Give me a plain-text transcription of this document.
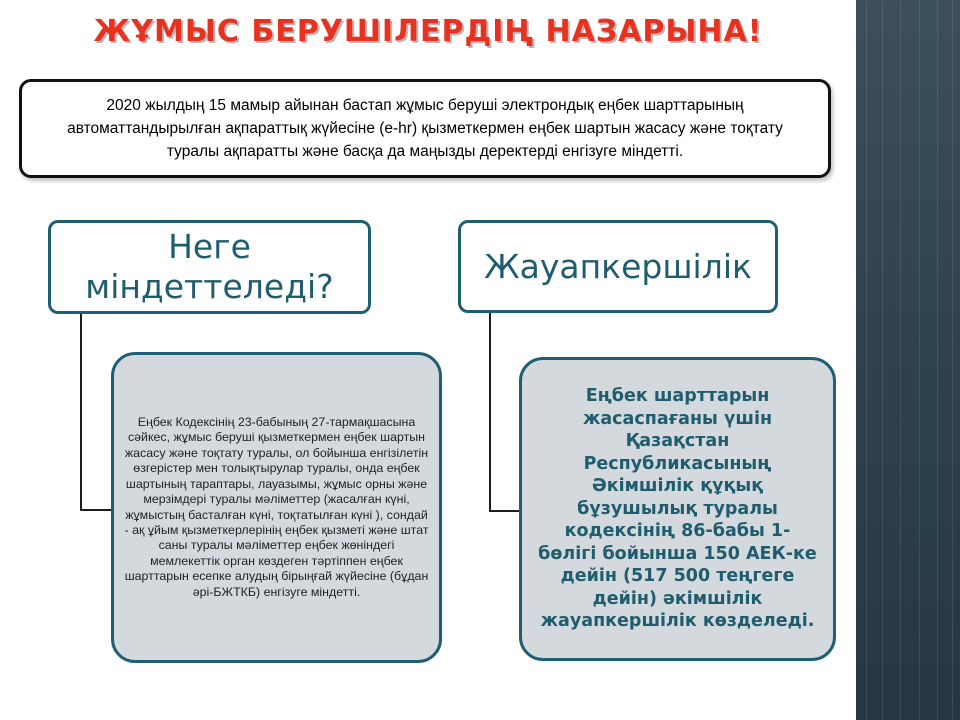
ЖҰМЫС БЕРУШІЛЕРДІҢ НАЗАРЫНА!
2020 жылдың 15 мамыр айынан бастап жұмыс беруші электрондық еңбек шарттарының автоматтандырылған ақпараттық жүйесіне (e-hr) қызметкермен еңбек шартын жасасу және тоқтату туралы ақпаратты және басқа да маңызды деректерді енгізуге міндетті.
Неге міндеттеледі?
Жауапкершілік
Еңбек Кодексінің 23-бабының 27-тармақшасына сәйкес, жұмыс беруші қызметкермен еңбек шартын жасасу және тоқтату туралы, ол бойынша енгізілетін өзгерістер мен толықтырулар туралы, онда еңбек шартының тараптары, лауазымы, жұмыс орны және мерзімдері туралы мәліметтер (жасалған күні, жұмыстың басталған күні, тоқтатылған күні ), сондай - ақ ұйым қызметкерлерінің еңбек қызметі және штат саны туралы мәліметтер еңбек жөніндегі мемлекеттік орган көздеген тәртіппен еңбек шарттарын есепке алудың бірыңғай жүйесіне (бұдан әрі-БЖТКБ) енгізуге міндетті.
Еңбек шарттарын жасаспағаны үшін Қазақстан Республикасының Әкімшілік құқық бұзушылық туралы кодексінің 86-бабы 1-бөлігі бойынша 150 АЕК-ке дейін (517 500 теңгеге дейін) әкімшілік жауапкершілік көзделеді.
